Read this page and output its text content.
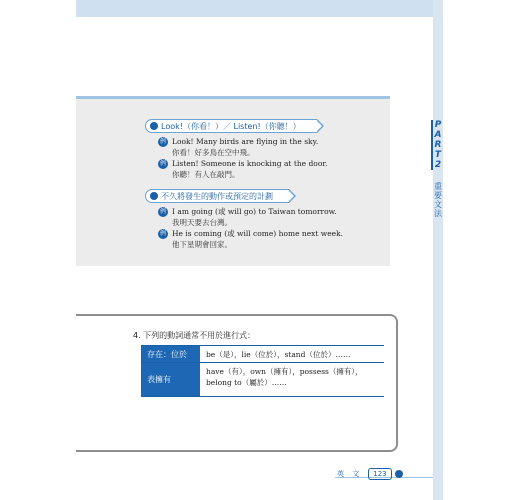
P
A
R
T
2
重
要
文
法
Look!（你看！）／ Listen!（你聽！）
例 Look! Many birds are flying in the sky.
你看！好多鳥在空中飛。
例 Listen! Someone is knocking at the door.
你聽！有人在敲門。
不久將發生的動作或預定的計劃
例 I am going (或 will go) to Taiwan tomorrow.
我明天要去台灣。
例 He is coming (或 will come) home next week.
他下星期會回家。
4. 下列的動詞通常不用於進行式：
存在：位於	be（是），lie（位於），stand（位於）……
表擁有
have（有），own（擁有），possess（擁有），belong to（屬於）……
英 文	123
